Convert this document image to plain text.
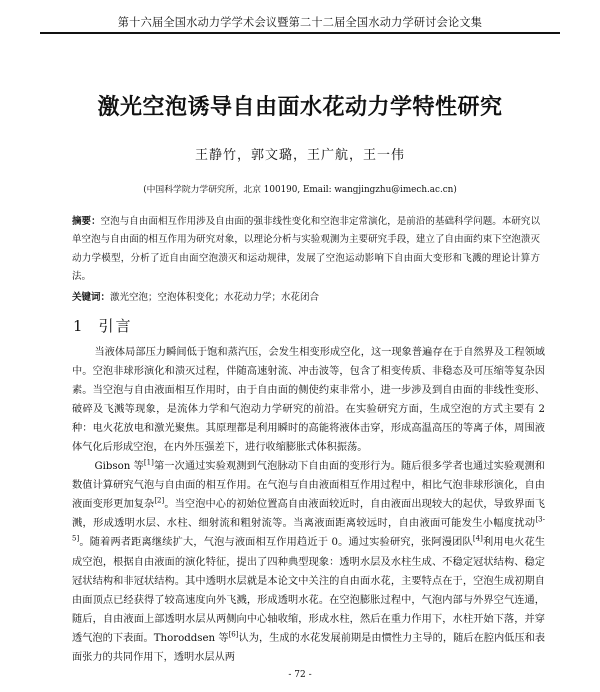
第十六届全国水动力学学术会议暨第二十二届全国水动力学研讨会论文集
激光空泡诱导自由面水花动力学特性研究
王静竹，郭文璐，王广航，王一伟
(中国科学院力学研究所，北京 100190, Email: wangjingzhu@imech.ac.cn)
摘要：空泡与自由面相互作用涉及自由面的强非线性变化和空泡非定常演化，是前沿的基础科学问题。本研究以单空泡与自由面的相互作用为研究对象，以理论分析与实验观测为主要研究手段，建立了自由面约束下空泡溃灭动力学模型，分析了近自由面空泡溃灭和运动规律，发展了空泡运动影响下自由面大变形和飞溅的理论计算方法。
关键词：激光空泡；空泡体积变化；水花动力学；水花闭合
1 引言

当液体局部压力瞬间低于饱和蒸汽压，会发生相变形成空化，这一现象普遍存在于自然界及工程领域中。空泡非球形演化和溃灭过程，伴随高速射流、冲击波等，包含了相变传质、非稳态及可压缩等复杂因素。当空泡与自由液面相互作用时，由于自由面的侧使约束非常小，进一步涉及到自由面的非线性变形、破碎及飞溅等现象，是流体力学和气泡动力学研究的前沿。在实验研究方面，生成空泡的方式主要有 2 种：电火花放电和激光聚焦。其原理都是利用瞬时的高能将液体击穿，形成高温高压的等离子体，周围液体气化后形成空泡，在内外压强差下，进行收缩膨胀式体积振荡。

Gibson 等[1]第一次通过实验观测到气泡脉动下自由面的变形行为。随后很多学者也通过实验观测和数值计算研究气泡与自由面的相互作用。在气泡与自由液面相互作用过程中，相比气泡非球形演化，自由液面变形更加复杂[2]。当空泡中心的初始位置高自由液面较近时，自由液面出现较大的起伏，导致界面飞溅，形成透明水层、水柱、细射流和粗射流等。当离液面距离较远时，自由液面可能发生小幅度扰动[3-5]。随着两者距离继续扩大，气泡与液面相互作用趋近于 0。通过实验研究，张阿漫团队[4]利用电火花生成空泡，根据自由液面的演化特征，提出了四种典型现象：透明水层及水柱生成、不稳定冠状结构、稳定冠状结构和非冠状结构。其中透明水层就是本论文中关注的自由面水花，主要特点在于，空泡生成初期自由面顶点已经获得了较高速度向外飞溅，形成透明水花。在空泡膨胀过程中，气泡内部与外界空气连通，随后，自由液面上部透明水层从两侧向中心轴收缩，形成水柱，然后在重力作用下，水柱开始下落，并穿透气泡的下表面。Thoroddsen 等[6]认为，生成的水花发展前期是由惯性力主导的，随后在腔内低压和表面张力的共同作用下，透明水层从两

- 72 -
